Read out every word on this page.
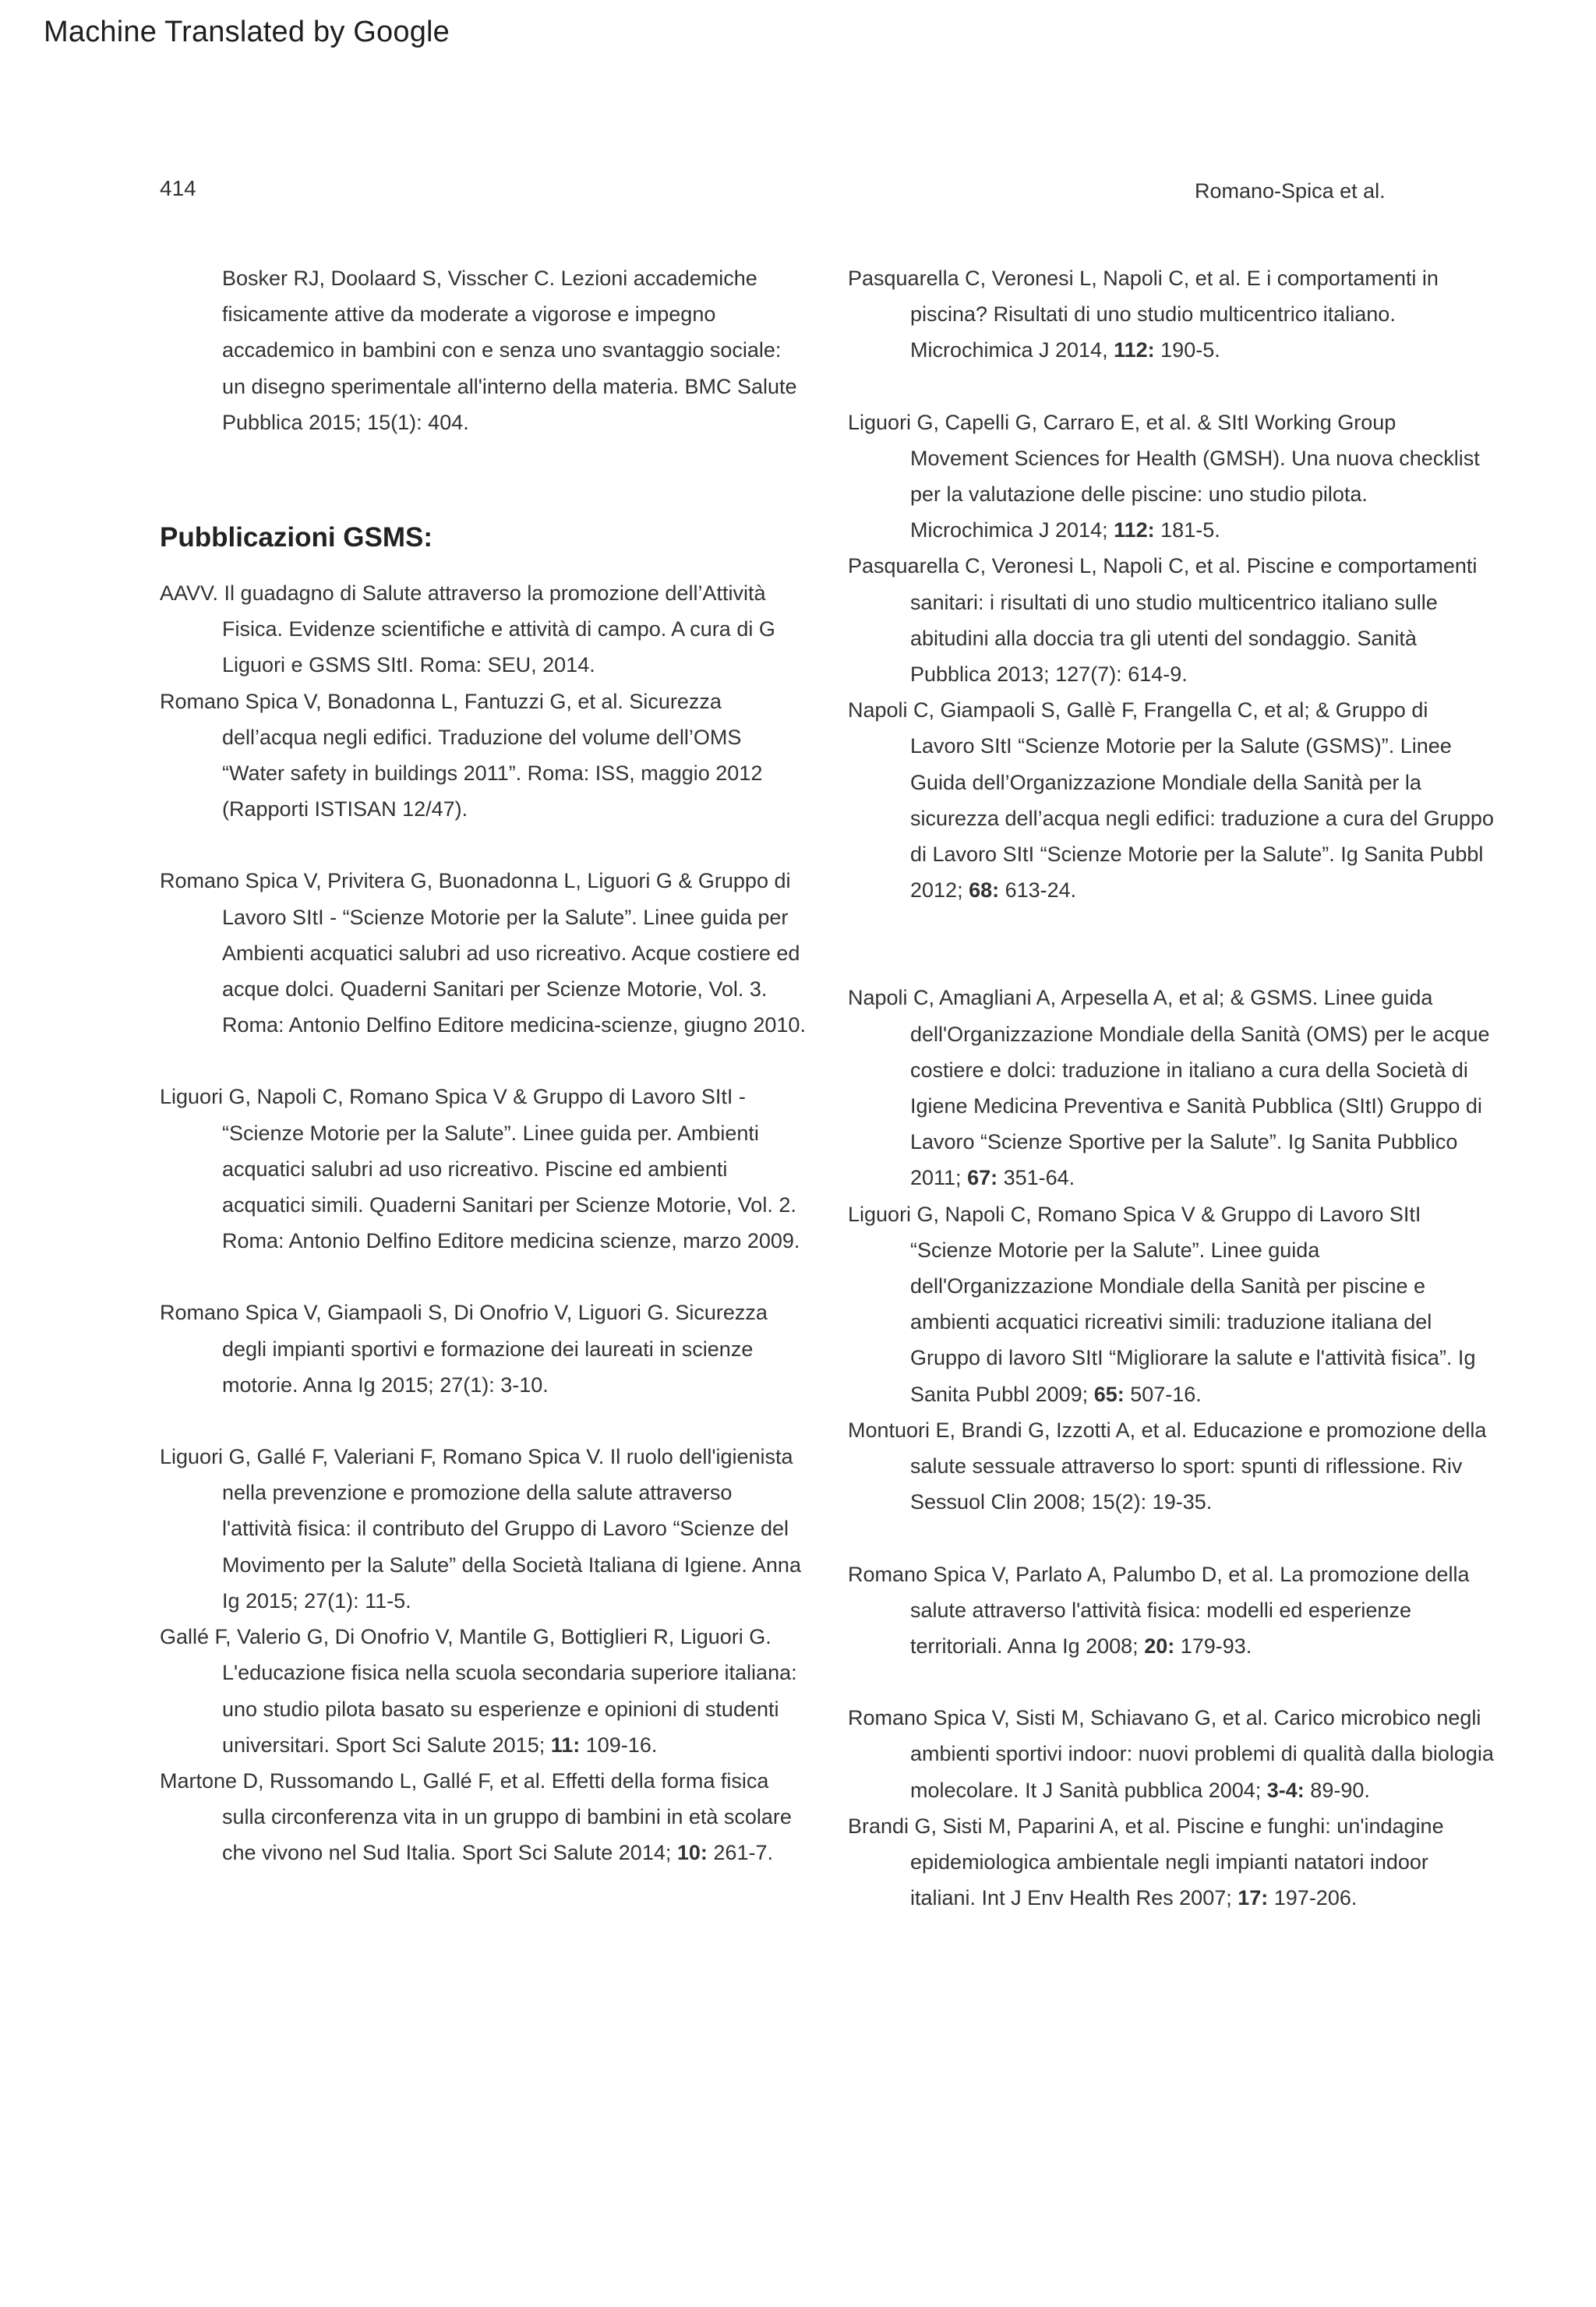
Machine Translated by Google
414	Romano-Spica et al.
Bosker RJ, Doolaard S, Visscher C. Lezioni accademiche fisicamente attive da moderate a vigorose e impegno accademico in bambini con e senza uno svantaggio sociale: un disegno sperimentale all'interno della materia. BMC Salute Pubblica 2015; 15(1): 404.
Pubblicazioni GSMS:
AAVV. Il guadagno di Salute attraverso la promozione dell’Attività Fisica. Evidenze scientifiche e attività di campo. A cura di G Liguori e GSMS SItI. Roma: SEU, 2014.
Romano Spica V, Bonadonna L, Fantuzzi G, et al. Sicurezza dell’acqua negli edifici. Traduzione del volume dell’OMS “Water safety in buildings 2011”. Roma: ISS, maggio 2012 (Rapporti ISTISAN 12/47).
Romano Spica V, Privitera G, Buonadonna L, Liguori G & Gruppo di Lavoro SItI - “Scienze Motorie per la Salute”. Linee guida per Ambienti acquatici salubri ad uso ricreativo. Acque costiere ed acque dolci. Quaderni Sanitari per Scienze Motorie, Vol. 3. Roma: Antonio Delfino Editore medicina-scienze, giugno 2010.
Liguori G, Napoli C, Romano Spica V & Gruppo di Lavoro SItI - “Scienze Motorie per la Salute”. Linee guida per. Ambienti acquatici salubri ad uso ricreativo. Piscine ed ambienti acquatici simili. Quaderni Sanitari per Scienze Motorie, Vol. 2. Roma: Antonio Delfino Editore medicina scienze, marzo 2009.
Romano Spica V, Giampaoli S, Di Onofrio V, Liguori G. Sicurezza degli impianti sportivi e formazione dei laureati in scienze motorie. Anna Ig 2015; 27(1): 3-10.
Liguori G, Gallé F, Valeriani F, Romano Spica V. Il ruolo dell'igienista nella prevenzione e promozione della salute attraverso l'attività fisica: il contributo del Gruppo di Lavoro “Scienze del Movimento per la Salute” della Società Italiana di Igiene. Anna Ig 2015; 27(1): 11-5.
Gallé F, Valerio G, Di Onofrio V, Mantile G, Bottiglieri R, Liguori G. L'educazione fisica nella scuola secondaria superiore italiana: uno studio pilota basato su esperienze e opinioni di studenti universitari. Sport Sci Salute 2015; 11: 109-16.
Martone D, Russomando L, Gallé F, et al. Effetti della forma fisica sulla circonferenza vita in un gruppo di bambini in età scolare che vivono nel Sud Italia. Sport Sci Salute 2014; 10: 261-7.
Pasquarella C, Veronesi L, Napoli C, et al. E i comportamenti in piscina? Risultati di uno studio multicentrico italiano. Microchimica J 2014, 112: 190-5.
Liguori G, Capelli G, Carraro E, et al. & SItI Working Group Movement Sciences for Health (GMSH). Una nuova checklist per la valutazione delle piscine: uno studio pilota. Microchimica J 2014; 112: 181-5.
Pasquarella C, Veronesi L, Napoli C, et al. Piscine e comportamenti sanitari: i risultati di uno studio multicentrico italiano sulle abitudini alla doccia tra gli utenti del sondaggio. Sanità Pubblica 2013; 127(7): 614-9.
Napoli C, Giampaoli S, Gallè F, Frangella C, et al; & Gruppo di Lavoro SItI “Scienze Motorie per la Salute (GSMS)”. Linee Guida dell’Organizzazione Mondiale della Sanità per la sicurezza dell’acqua negli edifici: traduzione a cura del Gruppo di Lavoro SItI “Scienze Motorie per la Salute”. Ig Sanita Pubbl 2012; 68: 613-24.
Napoli C, Amagliani A, Arpesella A, et al; & GSMS. Linee guida dell'Organizzazione Mondiale della Sanità (OMS) per le acque costiere e dolci: traduzione in italiano a cura della Società di Igiene Medicina Preventiva e Sanità Pubblica (SItI) Gruppo di Lavoro “Scienze Sportive per la Salute”. Ig Sanita Pubblico 2011; 67: 351-64.
Liguori G, Napoli C, Romano Spica V & Gruppo di Lavoro SItI “Scienze Motorie per la Salute”. Linee guida dell'Organizzazione Mondiale della Sanità per piscine e ambienti acquatici ricreativi simili: traduzione italiana del Gruppo di lavoro SItI “Migliorare la salute e l'attività fisica”. Ig Sanita Pubbl 2009; 65: 507-16.
Montuori E, Brandi G, Izzotti A, et al. Educazione e promozione della salute sessuale attraverso lo sport: spunti di riflessione. Riv Sessuol Clin 2008; 15(2): 19-35.
Romano Spica V, Parlato A, Palumbo D, et al. La promozione della salute attraverso l'attività fisica: modelli ed esperienze territoriali. Anna Ig 2008; 20: 179-93.
Romano Spica V, Sisti M, Schiavano G, et al. Carico microbico negli ambienti sportivi indoor: nuovi problemi di qualità dalla biologia molecolare. It J Sanità pubblica 2004; 3-4: 89-90.
Brandi G, Sisti M, Paparini A, et al. Piscine e funghi: un'indagine epidemiologica ambientale negli impianti natatori indoor italiani. Int J Env Health Res 2007; 17: 197-206.
